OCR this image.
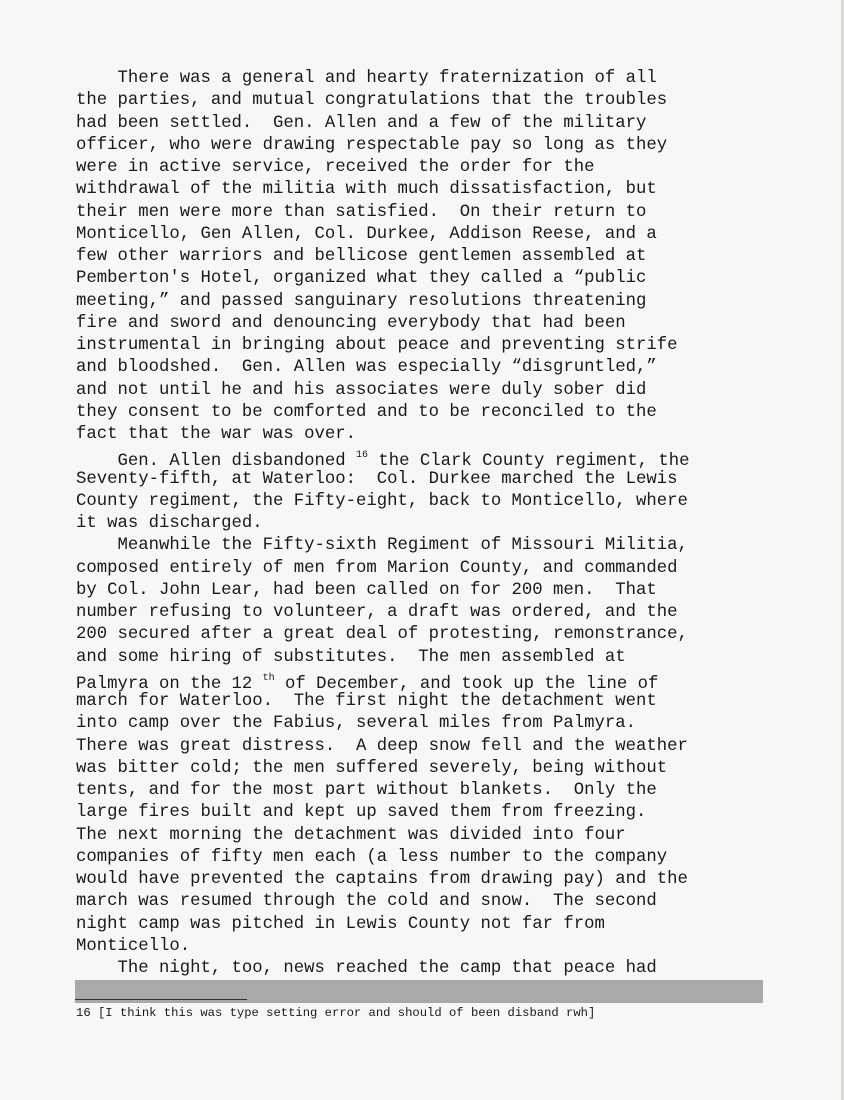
There was a general and hearty fraternization of all
the parties, and mutual congratulations that the troubles
had been settled.  Gen. Allen and a few of the military
officer, who were drawing respectable pay so long as they
were in active service, received the order for the
withdrawal of the militia with much dissatisfaction, but
their men were more than satisfied.  On their return to
Monticello, Gen Allen, Col. Durkee, Addison Reese, and a
few other warriors and bellicose gentlemen assembled at
Pemberton's Hotel, organized what they called a “public
meeting,” and passed sanguinary resolutions threatening
fire and sword and denouncing everybody that had been
instrumental in bringing about peace and preventing strife
and bloodshed.  Gen. Allen was especially “disgruntled,”
and not until he and his associates were duly sober did
they consent to be comforted and to be reconciled to the
fact that the war was over.
Gen. Allen disbandoned $^{16}$ the Clark County regiment, the
Seventy-fifth, at Waterloo:  Col. Durkee marched the Lewis
County regiment, the Fifty-eight, back to Monticello, where
it was discharged.
Meanwhile the Fifty-sixth Regiment of Missouri Militia,
composed entirely of men from Marion County, and commanded
by Col. John Lear, had been called on for 200 men.  That
number refusing to volunteer, a draft was ordered, and the
200 secured after a great deal of protesting, remonstrance,
and some hiring of substitutes.  The men assembled at
Palmyra on the 12 $^{th}$ of December, and took up the line of
march for Waterloo.  The first night the detachment went
into camp over the Fabius, several miles from Palmyra.
There was great distress.  A deep snow fell and the weather
was bitter cold; the men suffered severely, being without
tents, and for the most part without blankets.  Only the
large fires built and kept up saved them from freezing.
The next morning the detachment was divided into four
companies of fifty men each (a less number to the company
would have prevented the captains from drawing pay) and the
march was resumed through the cold and snow.  The second
night camp was pitched in Lewis County not far from
Monticello.
The night, too, news reached the camp that peace had
16 [I think this was type setting error and should of been disband rwh]
